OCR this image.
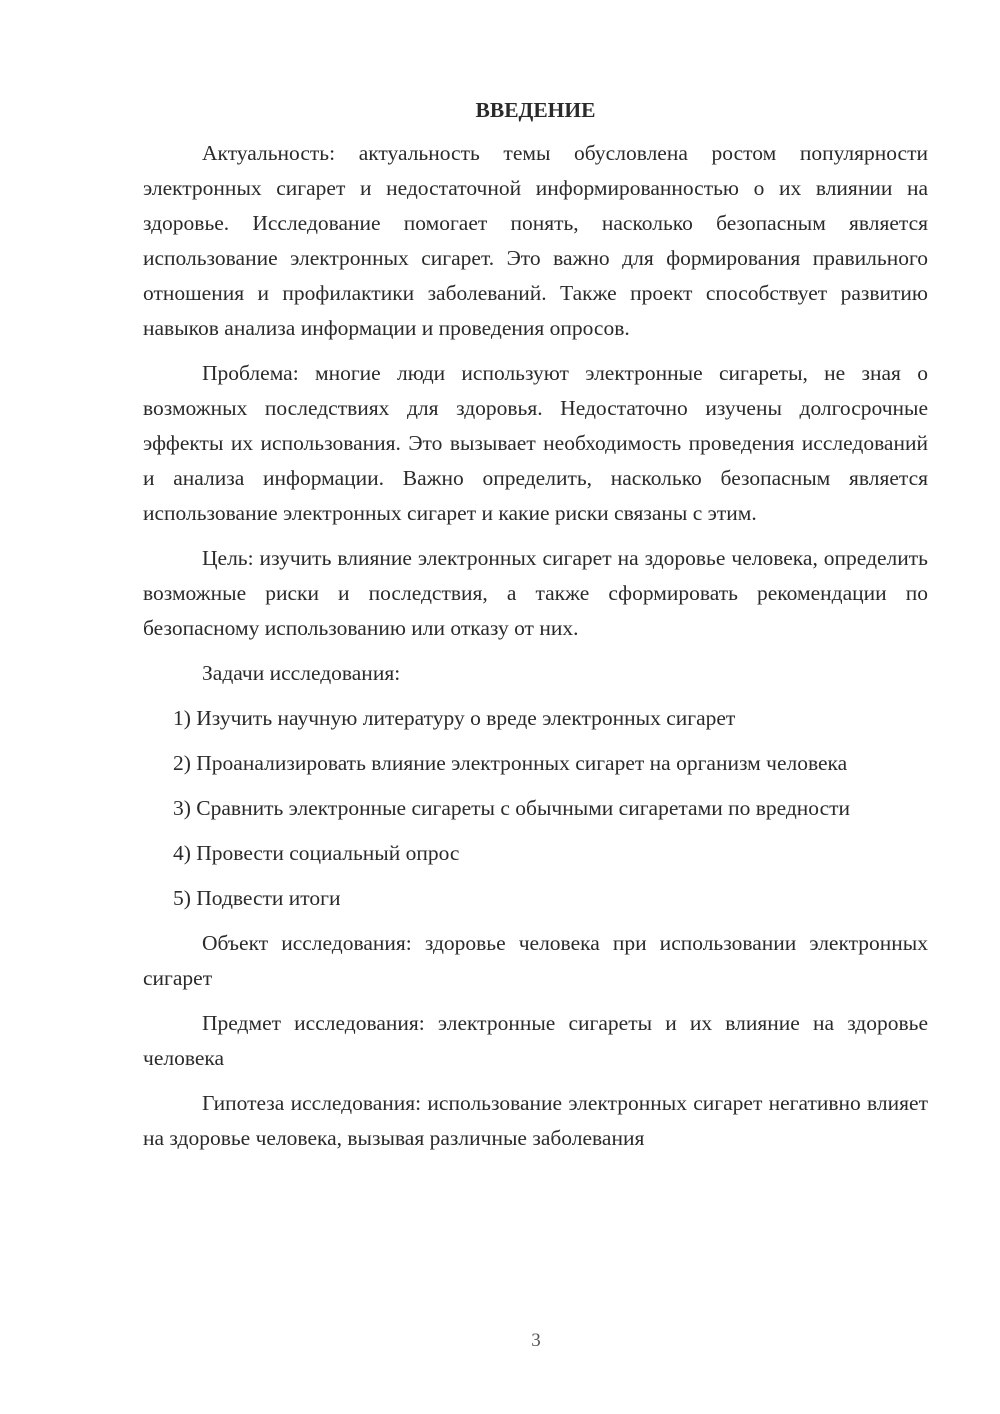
ВВЕДЕНИЕ

Актуальность: актуальность темы обусловлена ростом популярности электронных сигарет и недостаточной информированностью о их влиянии на здоровье. Исследование помогает понять, насколько безопасным является использование электронных сигарет. Это важно для формирования правильного отношения и профилактики заболеваний. Также проект способствует развитию навыков анализа информации и проведения опросов.

Проблема: многие люди используют электронные сигареты, не зная о возможных последствиях для здоровья. Недостаточно изучены долгосрочные эффекты их использования. Это вызывает необходимость проведения исследований и анализа информации. Важно определить, насколько безопасным является использование электронных сигарет и какие риски связаны с этим.

Цель: изучить влияние электронных сигарет на здоровье человека, определить возможные риски и последствия, а также сформировать рекомендации по безопасному использованию или отказу от них.

Задачи исследования:

1) Изучить научную литературу о вреде электронных сигарет

2) Проанализировать влияние электронных сигарет на организм человека

3) Сравнить электронные сигареты с обычными сигаретами по вредности

4) Провести социальный опрос

5) Подвести итоги

Объект исследования: здоровье человека при использовании электронных сигарет

Предмет исследования: электронные сигареты и их влияние на здоровье человека

Гипотеза исследования: использование электронных сигарет негативно влияет на здоровье человека, вызывая различные заболевания

3
